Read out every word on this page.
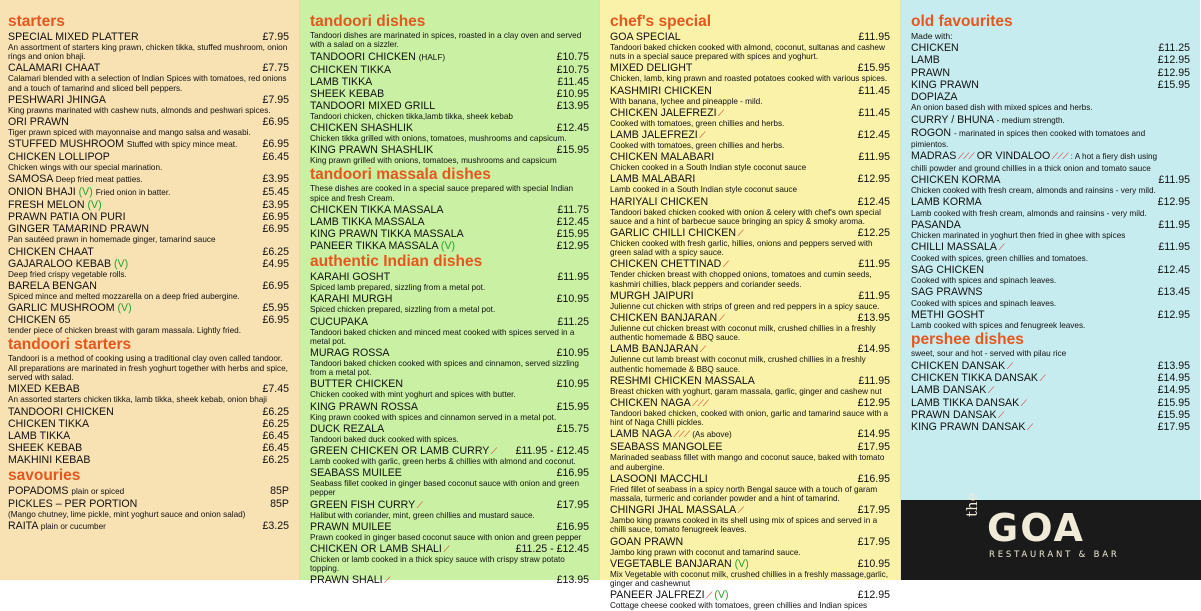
starters
SPECIAL MIXED PLATTER	£7.95
An assortment of starters king prawn, chicken tikka, stuffed mushroom, onion rings and onion bhaji.
CALAMARI CHAAT	£7.75
Calamari blended with a selection of Indian Spices with tomatoes, red onions and a touch of tamarind and sliced bell peppers.
PESHWARI JHINGA	£7.95
King prawns marinated with cashew nuts, almonds and peshwari spices.
ORI PRAWN	£6.95
Tiger prawn spiced with mayonnaise and mango salsa and wasabi.
STUFFED MUSHROOM Stuffed with spicy mince meat.	£6.95
CHICKEN LOLLIPOP	£6.45
Chicken wings with our special marination.
SAMOSA Deep fried meat patties.	£3.95
ONION BHAJI (V) Fried onion in batter.	£5.45
FRESH MELON (V)	£3.95
PRAWN PATIA ON PURI	£6.95
GINGER TAMARIND PRAWN	£6.95
Pan sautéed prawn in homemade ginger, tamarind sauce
CHICKEN CHAAT	£6.25
GAJARALOO KEBAB (V)	£4.95
Deep fried crispy vegetable rolls.
BARELA BENGAN	£6.95
Spiced mince and melted mozzarella on a deep fried aubergine.
GARLIC MUSHROOM (V)	£5.95
CHICKEN 65	£6.95
tender piece of chicken breast with garam massala. Lightly fried.
tandoori starters
Tandoori is a method of cooking using a traditional clay oven called tandoor. All preparations are marinated in fresh yoghurt together with herbs and spice, served with salad.
MIXED KEBAB	£7.45
An assorted starters chicken tikka, lamb tikka, sheek kebab, onion bhaji
TANDOORI CHICKEN	£6.25
CHICKEN TIKKA	£6.25
LAMB TIKKA	£6.45
SHEEK KEBAB	£6.45
MAKHINI KEBAB	£6.25
savouries
POPADOMS plain or spiced	85P
PICKLES – PER PORTION	85P
(Mango chutney, lime pickle, mint yoghurt sauce and onion salad)
RAITA plain or cucumber	£3.25
tandoori dishes
Tandoori dishes are marinated in spices, roasted in a clay oven and served with a salad on a sizzler.
TANDOORI CHICKEN (HALF)	£10.75
CHICKEN TIKKA	£10.75
LAMB TIKKA	£11.45
SHEEK KEBAB	£10.95
TANDOORI MIXED GRILL	£13.95
Tandoori chicken, chicken tikka,lamb tikka, sheek kebab
CHICKEN SHASHLIK	£12.45
Chicken tikka grilled with onions, tomatoes, mushrooms and capsicum.
KING PRAWN SHASHLIK	£15.95
King prawn grilled with onions, tomatoes, mushrooms and capsicum
tandoori massala dishes
These dishes are cooked in a special sauce prepared with special Indian spice and fresh Cream.
CHICKEN TIKKA MASSALA	£11.75
LAMB TIKKA MASSALA	£12.45
KING PRAWN TIKKA MASSALA	£15.95
PANEER TIKKA MASSALA (V)	£12.95
authentic Indian dishes
KARAHI GOSHT	£11.95
Spiced lamb prepared, sizzling from a metal pot.
KARAHI MURGH	£10.95
Spiced chicken prepared, sizzling from a metal pot.
CUCUPAKA	£11.25
Tandoori baked chicken and minced meat cooked with spices served in a metal pot.
MURAG ROSSA	£10.95
Tandoori baked chicken cooked with spices and cinnamon, served sizzling from a metal pot.
BUTTER CHICKEN	£10.95
Chicken cooked with mint yoghurt and spices with butter.
KING PRAWN ROSSA	£15.95
King prawn cooked with spices and cinnamon served in a metal pot.
DUCK REZALA	£15.75
Tandoori baked duck cooked with spices.
GREEN CHICKEN OR LAMB CURRY ⟋	£11.95 - £12.45
Lamb cooked with garlic, green herbs & chillies with almond and coconut.
SEABASS MUILEE	£16.95
Seabass fillet cooked in ginger based coconut sauce with onion and green pepper
GREEN FISH CURRY ⟋	£17.95
Halibut with coriander, mint, green chillies and mustard sauce.
PRAWN MUILEE	£16.95
Prawn cooked in ginger based coconut sauce with onion and green pepper
CHICKEN OR LAMB SHALI ⟋	£11.25 - £12.45
Chicken or lamb cooked in a thick spicy sauce with crispy straw potato topping.
PRAWN SHALI ⟋	£13.95
chef's special
GOA SPECIAL	£11.95
Tandoori baked chicken cooked with almond, coconut, sultanas and cashew nuts in a special sauce prepared with spices and yoghurt.
MIXED DELIGHT	£15.95
Chicken, lamb, king prawn and roasted potatoes cooked with various spices.
KASHMIRI CHICKEN	£11.45
With banana, lychee and pineapple - mild.
CHICKEN JALEFREZI ⟋	£11.45
Cooked with tomatoes, green chillies and herbs.
LAMB JALEFREZI ⟋	£12.45
Cooked with tomatoes, green chillies and herbs.
CHICKEN MALABARI	£11.95
Chicken cooked in a South Indian style coconut sauce
LAMB MALABARI	£12.95
Lamb cooked in a South Indian style coconut sauce
HARIYALI CHICKEN	£12.45
Tandoori baked chicken cooked with onion & celery with chef's own special sauce and a hint of barbecue sauce bringing an spicy & smoky aroma.
GARLIC CHILLI CHICKEN ⟋	£12.25
Chicken cooked with fresh garlic, hillies, onions and peppers served with green salad with a spicy sauce.
CHICKEN CHETTINAD ⟋	£11.95
Tender chicken breast with chopped onions, tomatoes and cumin seeds, kashmiri chillies, black peppers and coriander seeds.
MURGH JAIPURI	£11.95
Julienne cut chicken with strips of green and red peppers in a spicy sauce.
CHICKEN BANJARAN ⟋	£13.95
Julienne cut chicken breast with coconut milk, crushed chillies in a freshly authentic homemade & BBQ sauce.
LAMB BANJARAN ⟋	£14.95
Julienne cut lamb breast with coconut milk, crushed chillies in a freshly authentic homemade & BBQ sauce.
RESHMI CHICKEN MASSALA	£11.95
Breast chicken with yoghurt, garam massala, garlic, ginger and cashew nut
CHICKEN NAGA ⟋⟋⟋	£12.95
Tandoori baked chicken, cooked with onion, garlic and tamarind sauce with a hint of Naga Chilli pickles.
LAMB NAGA ⟋⟋⟋ (As above)	£14.95
SEABASS MANGOLEE	£17.95
Marinaded seabass fillet with mango and coconut sauce, baked with tomato and aubergine.
LASOONI MACCHLI	£16.95
Fried fillet of seabass in a spicy north Bengal sauce with a touch of garam massala, turmeric and coriander powder and a hint of tamarind.
CHINGRI JHAL MASSALA ⟋	£17.95
Jambo king prawns cooked in its shell using mix of spices and served in a chilli sauce, tomato fenugreek leaves.
GOAN PRAWN	£17.95
Jambo king prawn with coconut and tamarind sauce.
VEGETABLE BANJARAN (V)	£10.95
Mix Vegetable with coconut milk, crushed chillies in a freshly massage,garlic, ginger and cashewnut
PANEER JALFREZI ⟋ (V)	£12.95
Cottage cheese cooked with tomatoes, green chillies and Indian spices
old favourites
Made with:
CHICKEN	£11.25
LAMB	£12.95
PRAWN	£12.95
KING PRAWN	£15.95
DOPIAZA
An onion based dish with mixed spices and herbs.
CURRY / BHUNA - medium strength.
ROGON - marinated in spices then cooked with tomatoes and
pimientos.
MADRAS ⟋⟋⟋ OR VINDALOO ⟋⟋⟋ : A hot a fiery dish using
chilli powder and ground chillies in a thick onion and tomato sauce
CHICKEN KORMA	£11.95
Chicken cooked with fresh cream, almonds and rainsins - very mild.
LAMB KORMA	£12.95
Lamb cooked with fresh cream, almonds and rainsins - very mild.
PASANDA	£11.95
Chicken marinated in yoghurt then fried in ghee with spices
CHILLI MASSALA ⟋	£11.95
Cooked with spices, green chillies and tomatoes.
SAG CHICKEN	£12.45
Cooked with spices and spinach leaves.
SAG PRAWNS	£13.45
Cooked with spices and spinach leaves.
METHI GOSHT	£12.95
Lamb cooked with spices and fenugreek leaves.
pershee dishes
sweet, sour and hot - served with pilau rice
CHICKEN DANSAK ⟋	£13.95
CHICKEN TIKKA DANSAK ⟋	£14.95
LAMB DANSAK ⟋	£14.95
LAMB TIKKA DANSAK ⟋	£15.95
PRAWN DANSAK ⟋	£15.95
KING PRAWN DANSAK ⟋	£17.95
the
GOA
RESTAURANT & BAR
